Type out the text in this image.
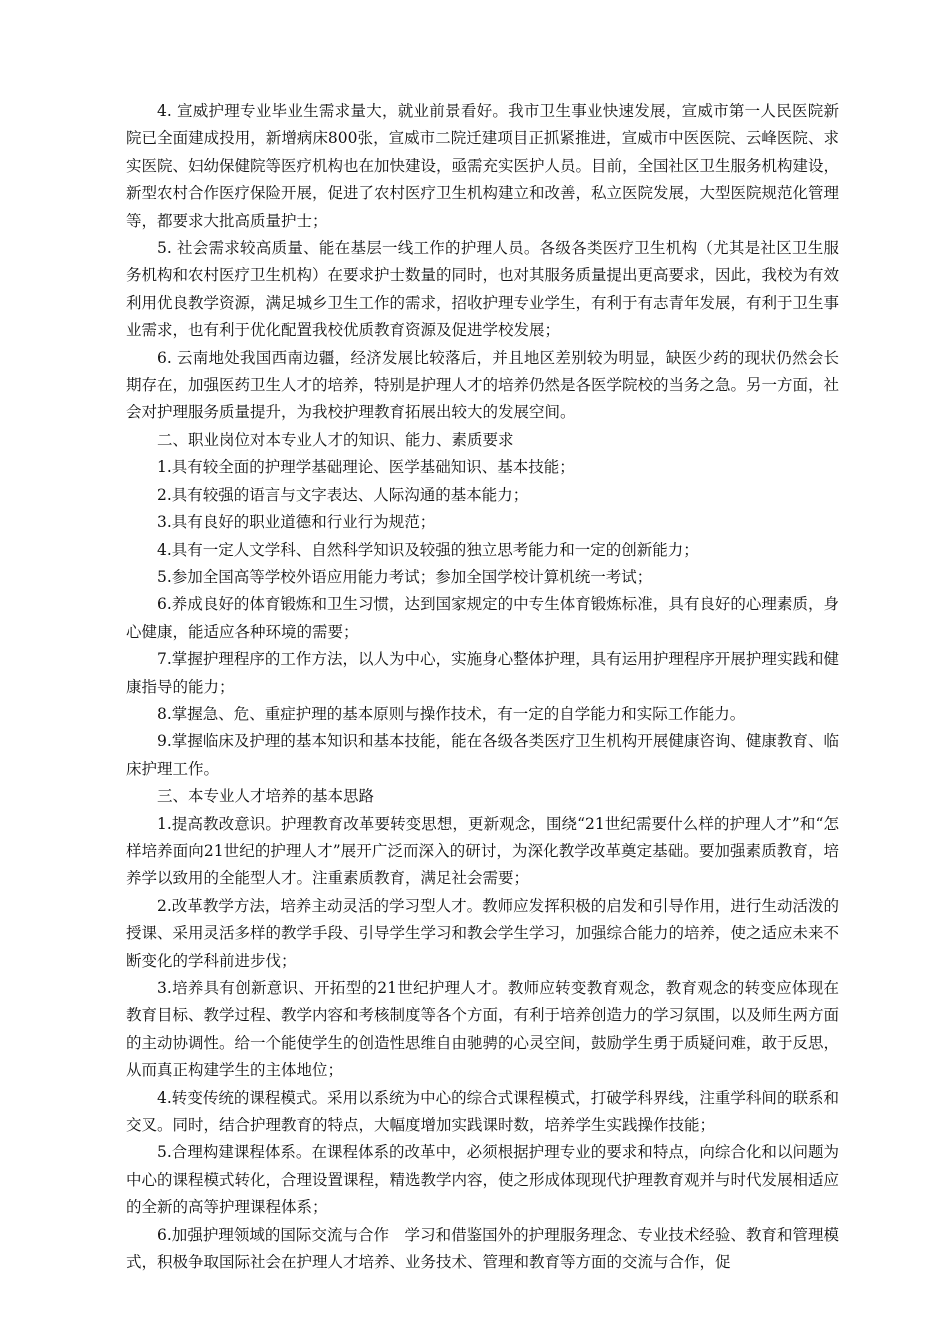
4. 宣威护理专业毕业生需求量大，就业前景看好。我市卫生事业快速发展，宣威市第一人民医院新院已全面建成投用，新增病床800张，宣威市二院迁建项目正抓紧推进，宣威市中医医院、云峰医院、求实医院、妇幼保健院等医疗机构也在加快建设，亟需充实医护人员。目前，全国社区卫生服务机构建设，新型农村合作医疗保险开展，促进了农村医疗卫生机构建立和改善，私立医院发展，大型医院规范化管理等，都要求大批高质量护士；

5. 社会需求较高质量、能在基层一线工作的护理人员。各级各类医疗卫生机构（尤其是社区卫生服务机构和农村医疗卫生机构）在要求护士数量的同时，也对其服务质量提出更高要求，因此，我校为有效利用优良教学资源，满足城乡卫生工作的需求，招收护理专业学生，有利于有志青年发展，有利于卫生事业需求，也有利于优化配置我校优质教育资源及促进学校发展；

6. 云南地处我国西南边疆，经济发展比较落后，并且地区差别较为明显，缺医少药的现状仍然会长期存在，加强医药卫生人才的培养，特别是护理人才的培养仍然是各医学院校的当务之急。另一方面，社会对护理服务质量提升，为我校护理教育拓展出较大的发展空间。

二、职业岗位对本专业人才的知识、能力、素质要求

1.具有较全面的护理学基础理论、医学基础知识、基本技能；

2.具有较强的语言与文字表达、人际沟通的基本能力；

3.具有良好的职业道德和行业行为规范；

4.具有一定人文学科、自然科学知识及较强的独立思考能力和一定的创新能力；

5.参加全国高等学校外语应用能力考试；参加全国学校计算机统一考试；

6.养成良好的体育锻炼和卫生习惯，达到国家规定的中专生体育锻炼标准，具有良好的心理素质，身心健康，能适应各种环境的需要；

7.掌握护理程序的工作方法，以人为中心，实施身心整体护理，具有运用护理程序开展护理实践和健康指导的能力；

8.掌握急、危、重症护理的基本原则与操作技术，有一定的自学能力和实际工作能力。

9.掌握临床及护理的基本知识和基本技能，能在各级各类医疗卫生机构开展健康咨询、健康教育、临床护理工作。

三、本专业人才培养的基本思路

1.提高教改意识。护理教育改革要转变思想，更新观念，围绕“21世纪需要什么样的护理人才”和“怎样培养面向21世纪的护理人才”展开广泛而深入的研讨，为深化教学改革奠定基础。要加强素质教育，培养学以致用的全能型人才。注重素质教育，满足社会需要；

2.改革教学方法，培养主动灵活的学习型人才。教师应发挥积极的启发和引导作用，进行生动活泼的授课、采用灵活多样的教学手段、引导学生学习和教会学生学习，加强综合能力的培养，使之适应未来不断变化的学科前进步伐；

3.培养具有创新意识、开拓型的21世纪护理人才。教师应转变教育观念，教育观念的转变应体现在教育目标、教学过程、教学内容和考核制度等各个方面，有利于培养创造力的学习氛围，以及师生两方面的主动协调性。给一个能使学生的创造性思维自由驰骋的心灵空间，鼓励学生勇于质疑问难，敢于反思，从而真正构建学生的主体地位；

4.转变传统的课程模式。采用以系统为中心的综合式课程模式，打破学科界线，注重学科间的联系和交叉。同时，结合护理教育的特点，大幅度增加实践课时数，培养学生实践操作技能；

5.合理构建课程体系。在课程体系的改革中，必须根据护理专业的要求和特点，向综合化和以问题为中心的课程模式转化，合理设置课程，精选教学内容，使之形成体现现代护理教育观并与时代发展相适应的全新的高等护理课程体系；

6.加强护理领域的国际交流与合作　学习和借鉴国外的护理服务理念、专业技术经验、教育和管理模式，积极争取国际社会在护理人才培养、业务技术、管理和教育等方面的交流与合作，促
